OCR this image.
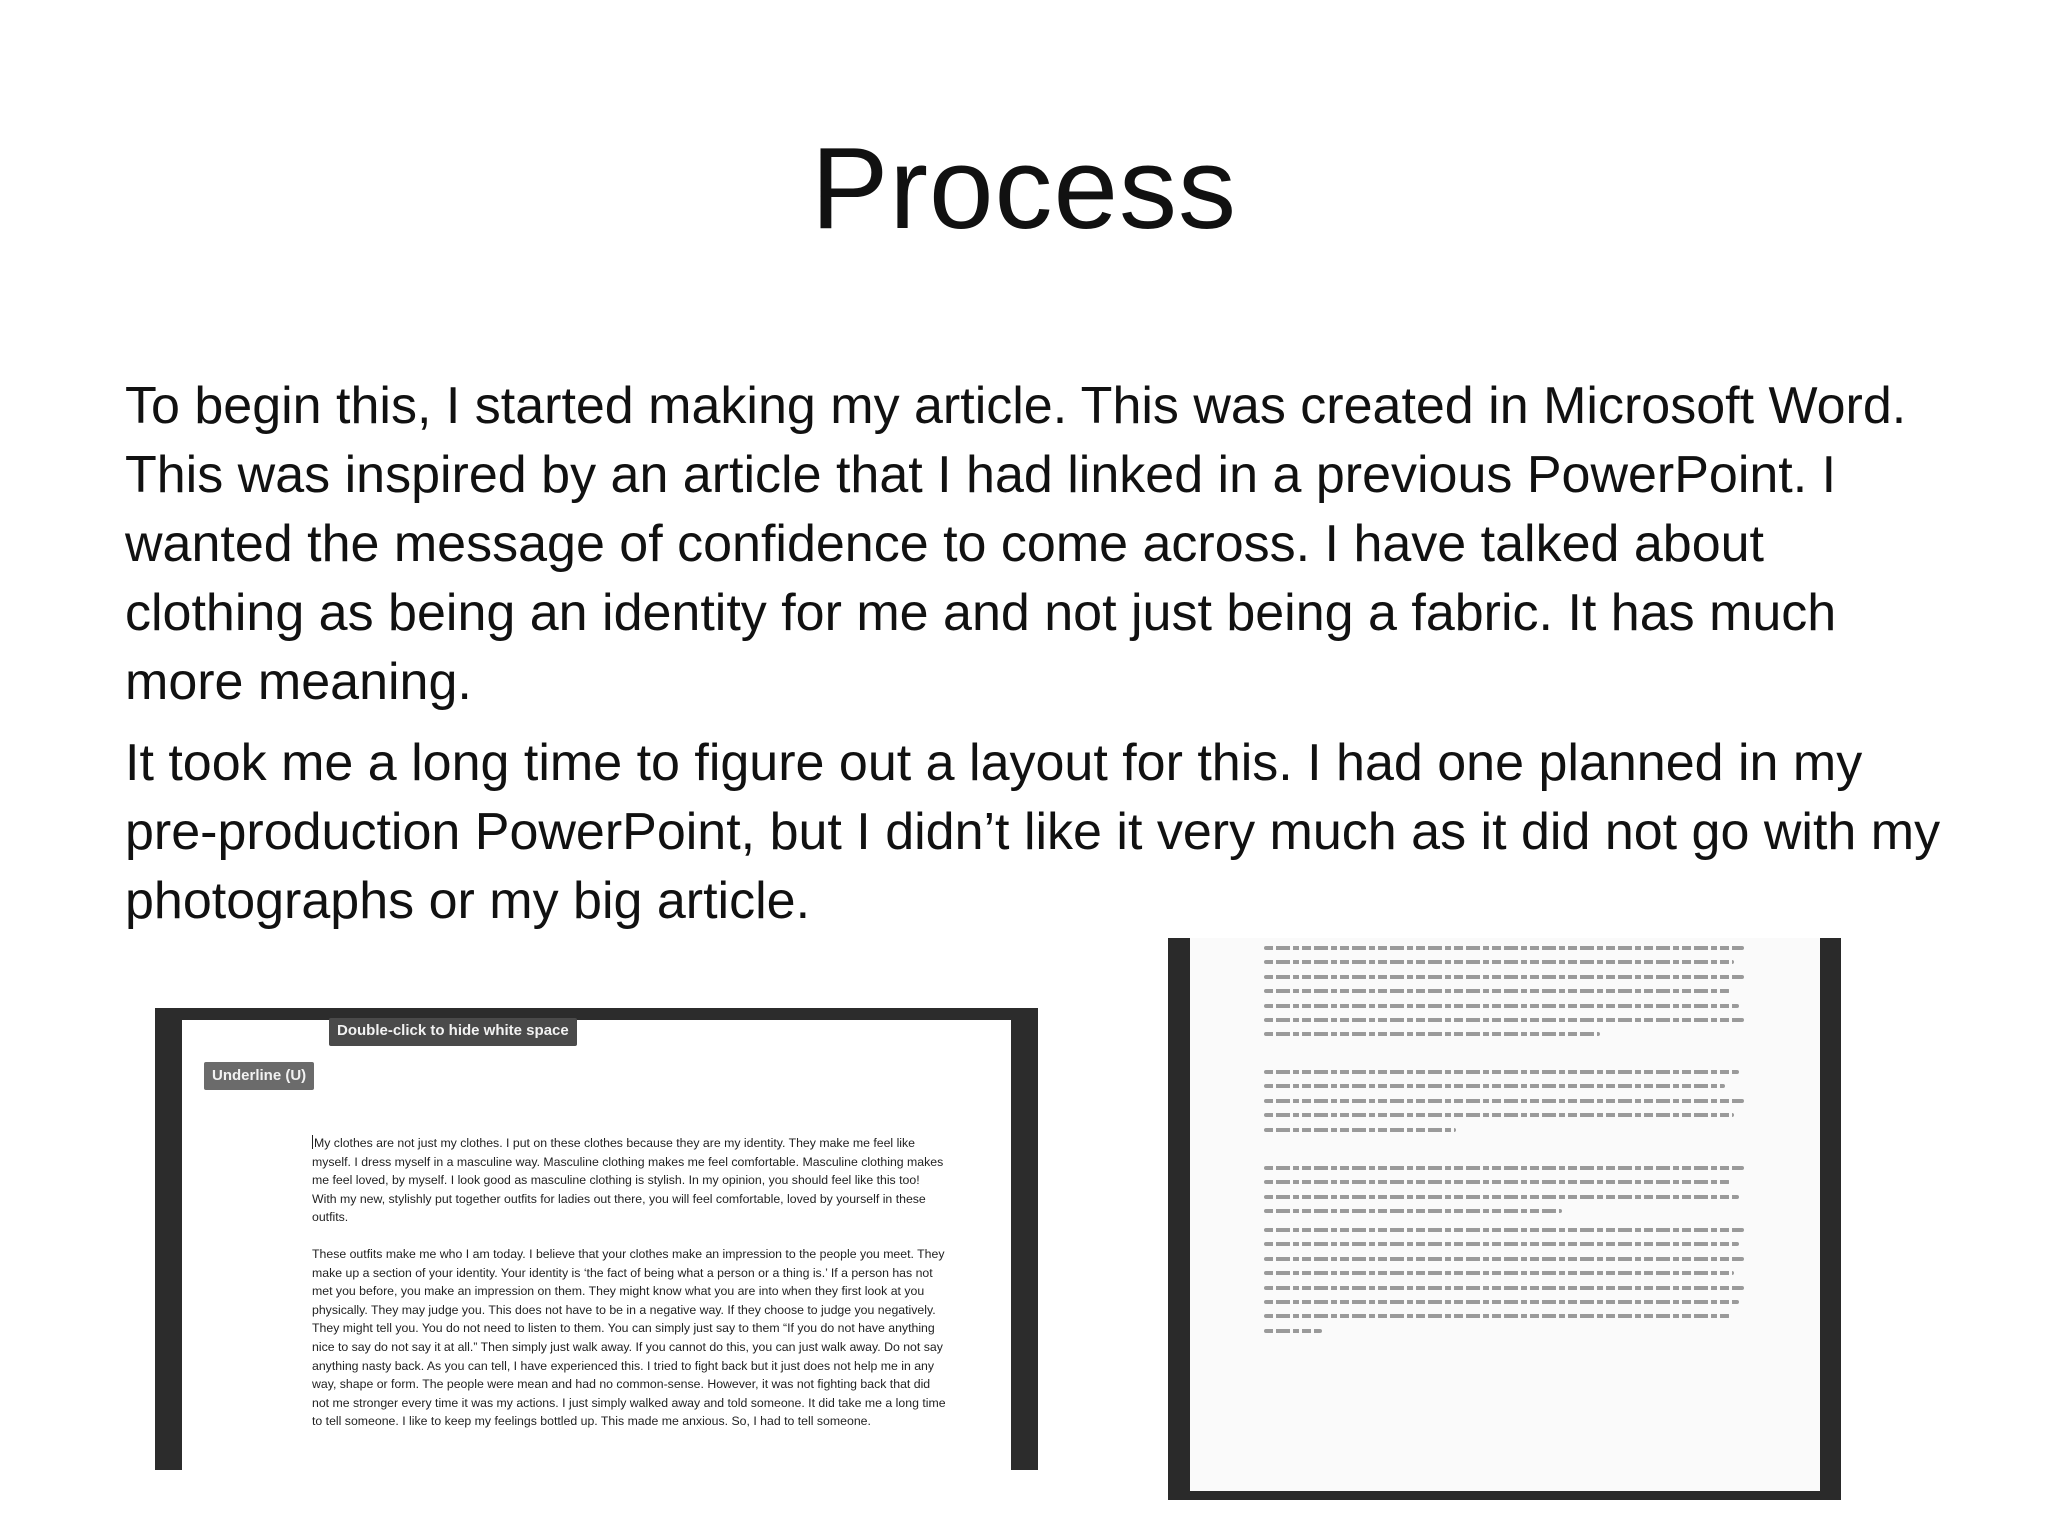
Process

To begin this, I started making my article. This was created in Microsoft Word. This was inspired by an article that I had linked in a previous PowerPoint. I wanted the message of confidence to come across. I have talked about clothing as being an identity for me and not just being a fabric. It has much more meaning.

It took me a long time to figure out a layout for this. I had one planned in my pre-production PowerPoint, but I didn’t like it very much as it did not go with my photographs or my big article.

Double-click to hide white space
Underline (U)

My clothes are not just my clothes. I put on these clothes because they are my identity. They make me feel like myself. I dress myself in a masculine way. Masculine clothing makes me feel comfortable. Masculine clothing makes me feel loved, by myself. I look good as masculine clothing is stylish. In my opinion, you should feel like this too! With my new, stylishly put together outfits for ladies out there, you will feel comfortable, loved by yourself in these outfits.

These outfits make me who I am today. I believe that your clothes make an impression to the people you meet. They make up a section of your identity. Your identity is ‘the fact of being what a person or a thing is.’ If a person has not met you before, you make an impression on them. They might know what you are into when they first look at you physically. They may judge you. This does not have to be in a negative way. If they choose to judge you negatively. They might tell you. You do not need to listen to them. You can simply just say to them “If you do not have anything nice to say do not say it at all.” Then simply just walk away. If you cannot do this, you can just walk away. Do not say anything nasty back. As you can tell, I have experienced this. I tried to fight back but it just does not help me in any way, shape or form. The people were mean and had no common-sense. However, it was not fighting back that did not me stronger every time it was my actions. I just simply walked away and told someone. It did take me a long time to tell someone. I like to keep my feelings bottled up. This made me anxious. So, I had to tell someone.
